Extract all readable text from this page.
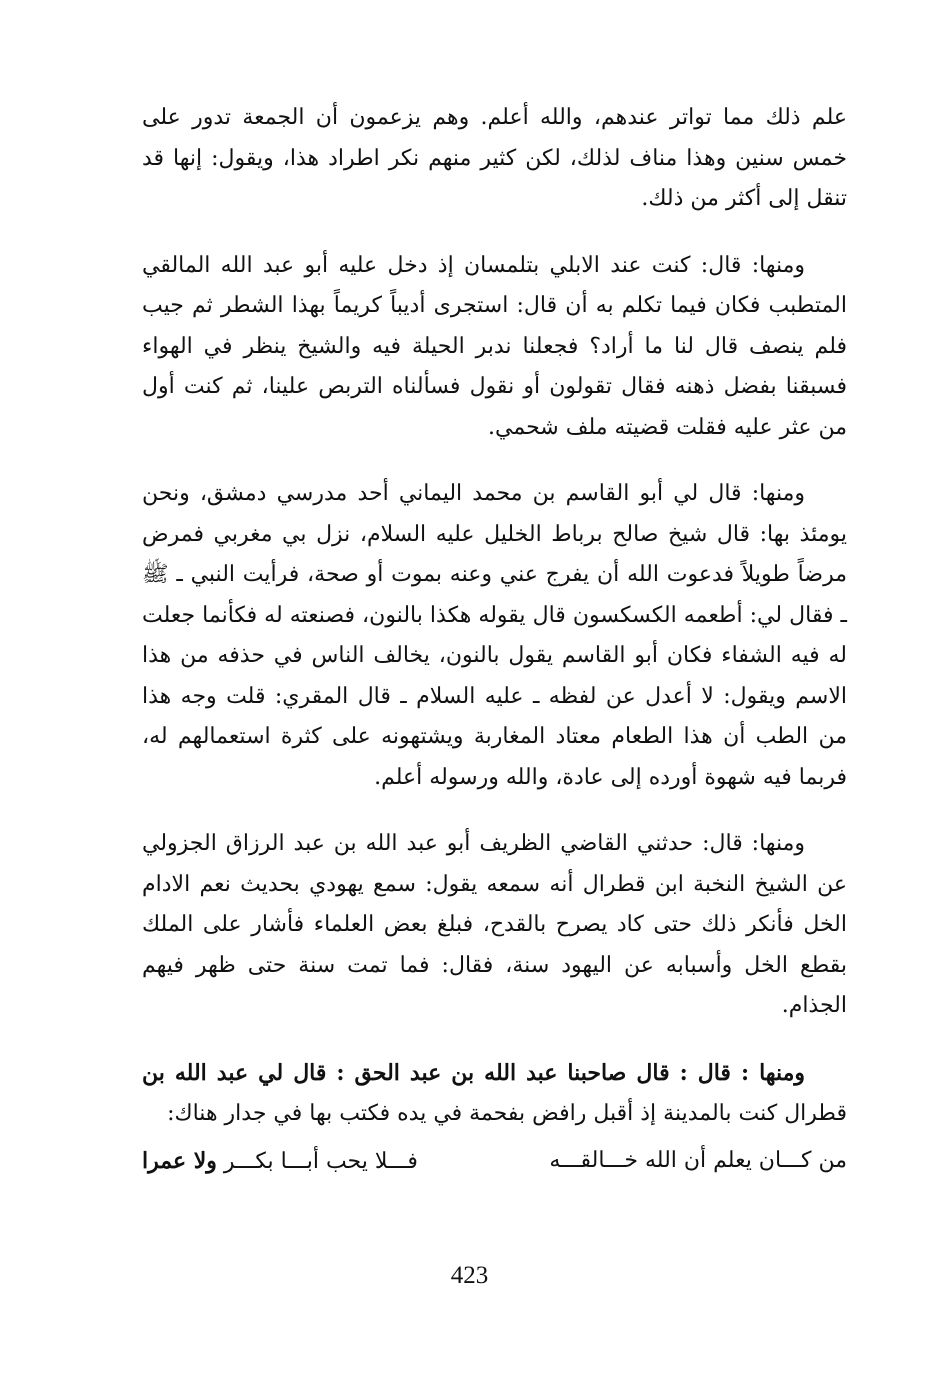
علم ذلك مما تواتر عندهم، والله أعلم. وهم يزعمون أن الجمعة تدور على خمس سنين وهذا مناف لذلك، لكن كثير منهم نكر اطراد هذا، ويقول: إنها قد تنقل إلى أكثر من ذلك.

ومنها: قال: كنت عند الابلي بتلمسان إذ دخل عليه أبو عبد الله المالقي المتطبب فكان فيما تكلم به أن قال: استجرى أديباً كريماً بهذا الشطر ثم جيب فلم ينصف قال لنا ما أراد؟ فجعلنا ندبر الحيلة فيه والشيخ ينظر في الهواء فسبقنا بفضل ذهنه فقال تقولون أو نقول فسألناه التربص علينا، ثم كنت أول من عثر عليه فقلت قضيته ملف شحمي.

ومنها: قال لي أبو القاسم بن محمد اليماني أحد مدرسي دمشق، ونحن يومئذ بها: قال شيخ صالح برباط الخليل عليه السلام، نزل بي مغربي فمرض مرضاً طويلاً فدعوت الله أن يفرج عني وعنه بموت أو صحة، فرأيت النبي ـ ﷺ ـ فقال لي: أطعمه الكسكسون قال يقوله هكذا بالنون، فصنعته له فكأنما جعلت له فيه الشفاء فكان أبو القاسم يقول بالنون، يخالف الناس في حذفه من هذا الاسم ويقول: لا أعدل عن لفظه ـ عليه السلام ـ قال المقري: قلت وجه هذا من الطب أن هذا الطعام معتاد المغاربة ويشتهونه على كثرة استعمالهم له، فربما فيه شهوة أورده إلى عادة، والله ورسوله أعلم.

ومنها: قال: حدثني القاضي الظريف أبو عبد الله بن عبد الرزاق الجزولي عن الشيخ النخبة ابن قطرال أنه سمعه يقول: سمع يهودي بحديث نعم الادام الخل فأنكر ذلك حتى كاد يصرح بالقدح، فبلغ بعض العلماء فأشار على الملك بقطع الخل وأسبابه عن اليهود سنة، فقال: فما تمت سنة حتى ظهر فيهم الجذام.

ومنها : قال : قال صاحبنا عبد الله بن عبد الحق : قال لي عبد الله بن قطرال كنت بالمدينة إذ أقبل رافض بفحمة في يده فكتب بها في جدار هناك:

من كـــان يعلم أن الله خـــالقـــه
فـــلا يحب أبـــا بكـــر ولا عمرا
423
